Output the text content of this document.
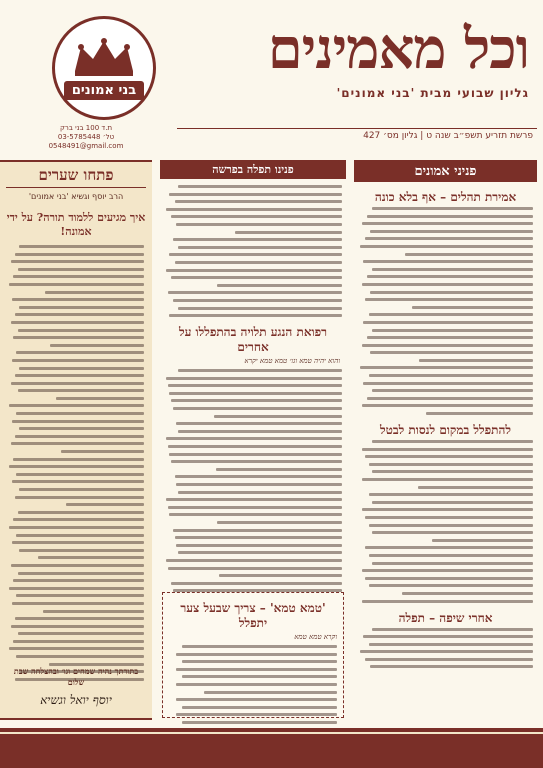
בני אמונים
ת.ד 100 בני ברק
טל׳ 03-5785448
0548491@gmail.com
וכל מאמינים
גליון שבועי מבית 'בני אמונים'
פרשת תזריע תשפ״ב שנה ט | גליון מס׳ 427
פתחו שערים
הרב יוסף וגשיא 'בני אמונים'
איך מגיעים ללמוד תורה? על ידי אמונה!
בתורתך נהיה שמחים וגו׳ ובהצלחה שבת שלום
יוסף יואל וגשיא
פנינו תפלה בפרשה
רפואת הנגע תלויה בהתפללו על אחרים
והוא יהיה טמא וגו׳ טמא טמא יקרא
'טמא טמא' – צריך שבעל צער יתפלל
וקרא טמא טמא
פניני אמונים
אמירת תהלים – אף בלא כונה
להתפלל במקום לנסות לבטל
אחרי שיפה – תפלה
